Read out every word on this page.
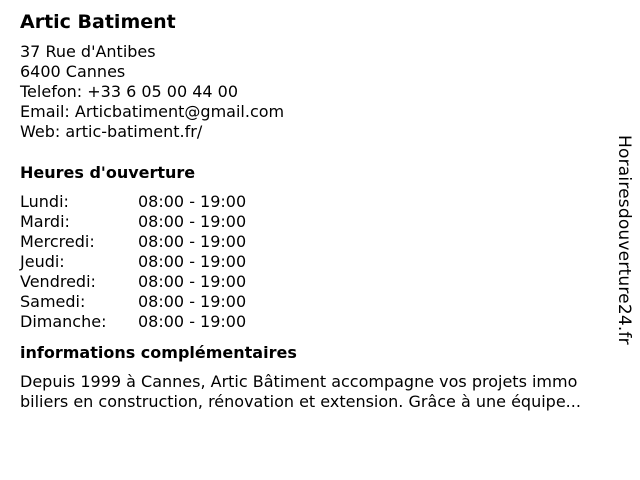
Artic Batiment
37 Rue d'Antibes
6400 Cannes
Telefon: +33 6 05 00 44 00
Email: Articbatiment@gmail.com
Web: artic-batiment.fr/
Heures d'ouverture
Lundi:	08:00 - 19:00
Mardi:	08:00 - 19:00
Mercredi:	08:00 - 19:00
Jeudi:	08:00 - 19:00
Vendredi:	08:00 - 19:00
Samedi:	08:00 - 19:00
Dimanche:	08:00 - 19:00
informations complémentaires
Depuis 1999 à Cannes, Artic Bâtiment accompagne vos projets immo
biliers en construction, rénovation et extension. Grâce à une équipe...
Horairesdouverture24.fr
